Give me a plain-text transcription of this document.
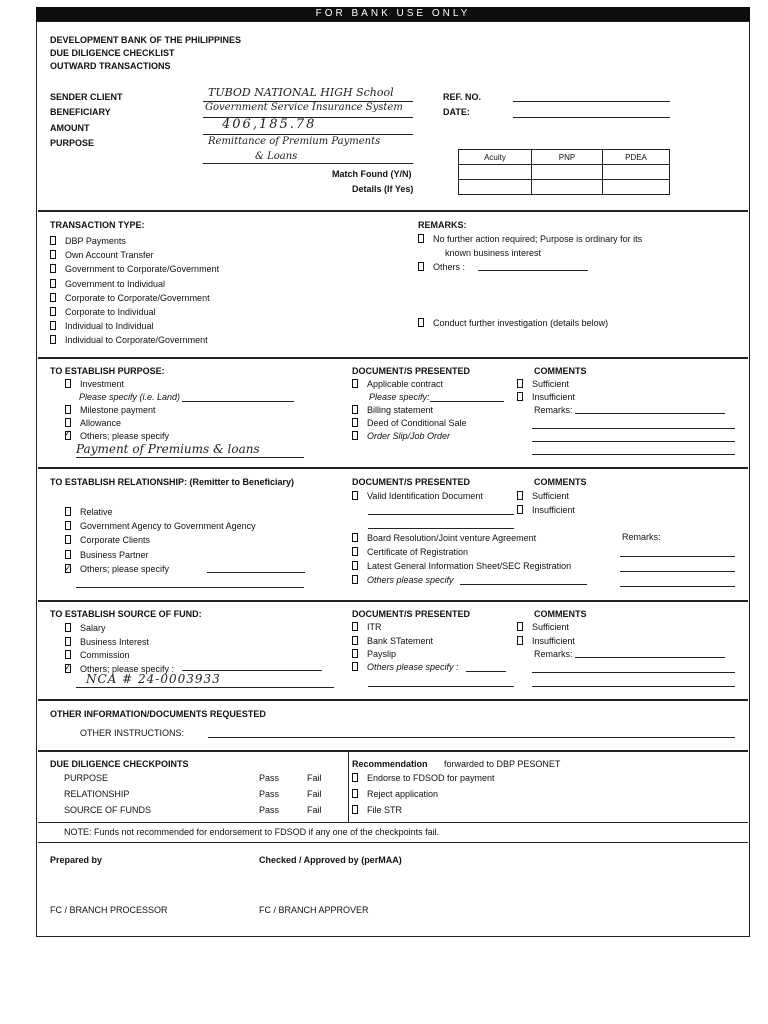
FOR BANK USE ONLY
DEVELOPMENT BANK OF THE PHILIPPINES
DUE DILIGENCE CHECKLIST
OUTWARD TRANSACTIONS
SENDER CLIENT	TUBOD NATIONAL HIGH School
BENEFICIARY	Government Service Insurance System
AMOUNT	406,185.78
PURPOSE	Remittance of Premium Payments
& Loans
REF. NO.
DATE:
Acuity	PNP	PDEA

Match Found (Y/N)
Details (If Yes)
TRANSACTION TYPE:
DBP Payments
Own Account Transfer
Government to Corporate/Government
Government to Individual
Corporate to Corporate/Government
Corporate to Individual
Individual to Individual
Individual to Corporate/Government
REMARKS:
No further action required; Purpose is ordinary for its
known business interest
Others :
Conduct further investigation (details below)
TO ESTABLISH PURPOSE:
Investment
Please specify (i.e. Land)
Milestone payment
Allowance
✓Others; please specify
Payment of Premiums & loans
DOCUMENT/S PRESENTED
Applicable contract
Please specify:
Billing statement
Deed of Conditional Sale
Order Slip/Job Order
COMMENTS
Sufficient
Insufficient
Remarks:
TO ESTABLISH RELATIONSHIP: (Remitter to Beneficiary)
Relative
Government Agency to Government Agency
Corporate Clients
Business Partner
✓Others; please specify
DOCUMENT/S PRESENTED
Valid Identification Document
Board Resolution/Joint venture Agreement
Certificate of Registration
Latest General Information Sheet/SEC Registration
Others please specify
COMMENTS
Sufficient
Insufficient
Remarks:
TO ESTABLISH SOURCE OF FUND:
Salary
Business Interest
Commission
✓Others; please specify :
NCA # 24-0003933
DOCUMENT/S PRESENTED
ITR
Bank STatement
Payslip
Others please specify :
COMMENTS
Sufficient
Insufficient
Remarks:
OTHER INFORMATION/DOCUMENTS REQUESTED
OTHER INSTRUCTIONS:
DUE DILIGENCE CHECKPOINTS
PURPOSE	Pass	Fail
RELATIONSHIP	Pass	Fail
SOURCE OF FUNDS	Pass	Fail
Recommendation forwarded to DBP PESONET
Endorse to FDSOD for payment
Reject application
File STR
NOTE: Funds not recommended for endorsement to FDSOD if any one of the checkpoints fail.
Prepared by	Checked / Approved by (perMAA)
FC / BRANCH PROCESSOR	FC / BRANCH APPROVER
